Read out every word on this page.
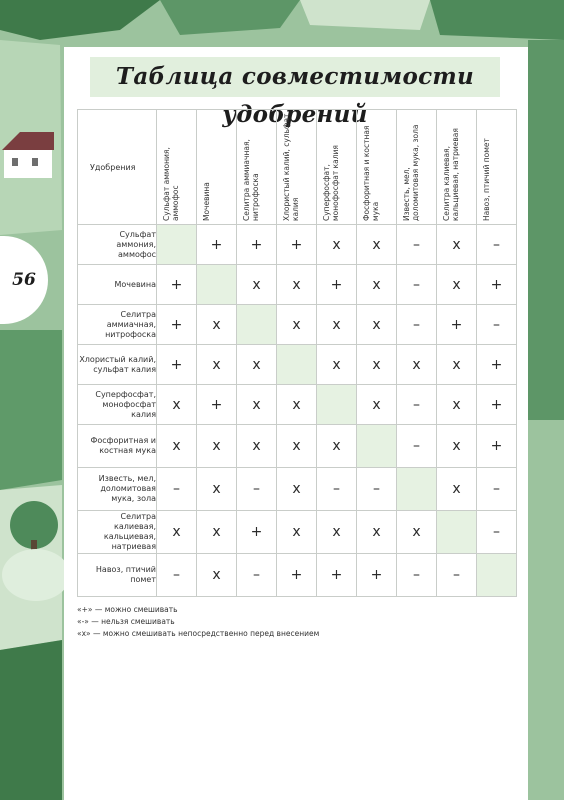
56
Таблица совместимости удобрений
Удобрения	Сульфат аммония, аммофос	Мочевина	Селитра аммиачная, нитрофоска	Хлористый калий, сульфат калия	Суперфосфат, монофосфат калия	Фосфоритная и костная мука	Известь, мел, доломитовая мука, зола	Селитра калиевая, кальциевая, натриевая	Навоз, птичий помет

Сульфат аммония, аммофос		+	+	+	x	x	–	x	–
Мочевина	+		x	x	+	x	–	x	+
Селитра аммиачная, нитрофоска	+	x		x	x	x	–	+	–
Хлористый калий, сульфат калия	+	x	x		x	x	x	x	+
Суперфосфат, монофосфат калия	x	+	x	x		x	–	x	+
Фосфоритная и костная мука	x	x	x	x	x		–	x	+
Известь, мел, доломитовая мука, зола	–	x	–	x	–	–		x	–
Селитра калиевая, кальциевая, натриевая	x	x	+	x	x	x	x		–
Навоз, птичий помет	–	x	–	+	+	+	–	–	
«+» — можно смешивать
«-» — нельзя смешивать
«x» — можно смешивать непосредственно перед внесением
